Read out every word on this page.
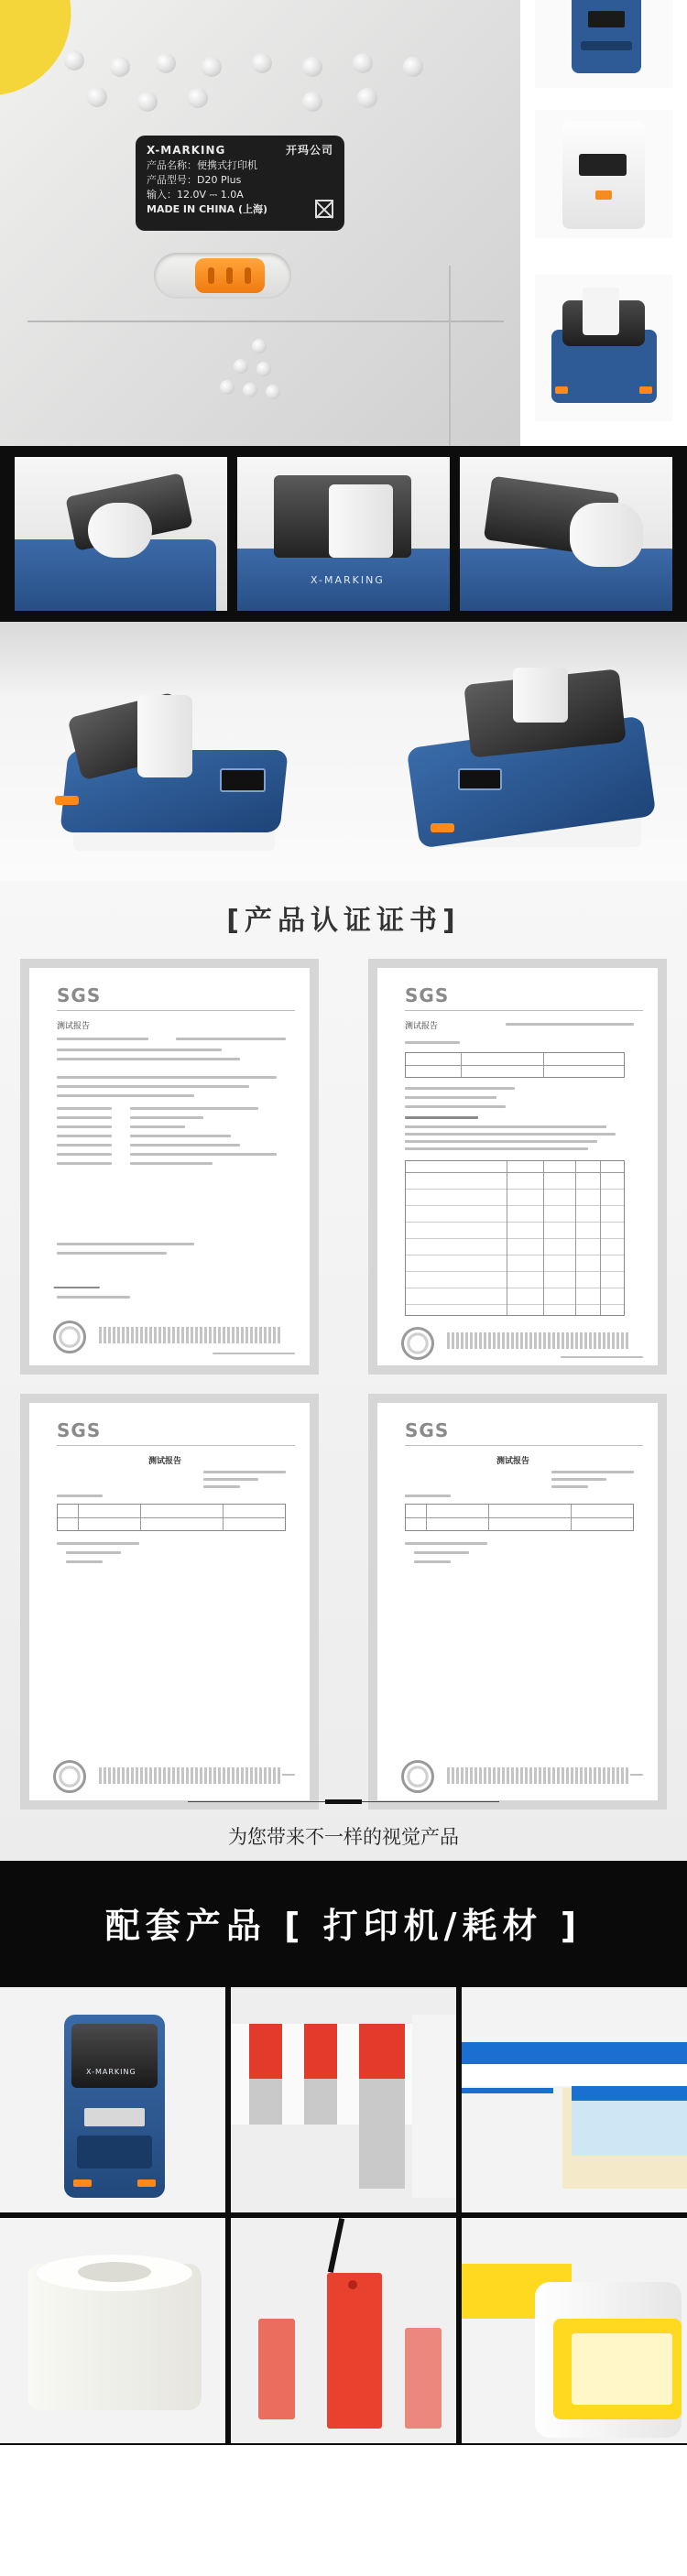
X-MARKING	开玛公司
产品名称：便携式打印机
产品型号：D20 Plus
输入：12.0V ⎓ 1.0A
MADE IN CHINA (上海)
X-MARKING
[产品认证证书]
SGS
测试报告
SGS
测试报告
SGS
测试报告
SGS
测试报告
为您带来不一样的视觉产品
配套产品 [ 打印机/耗材 ]
X-MARKING
